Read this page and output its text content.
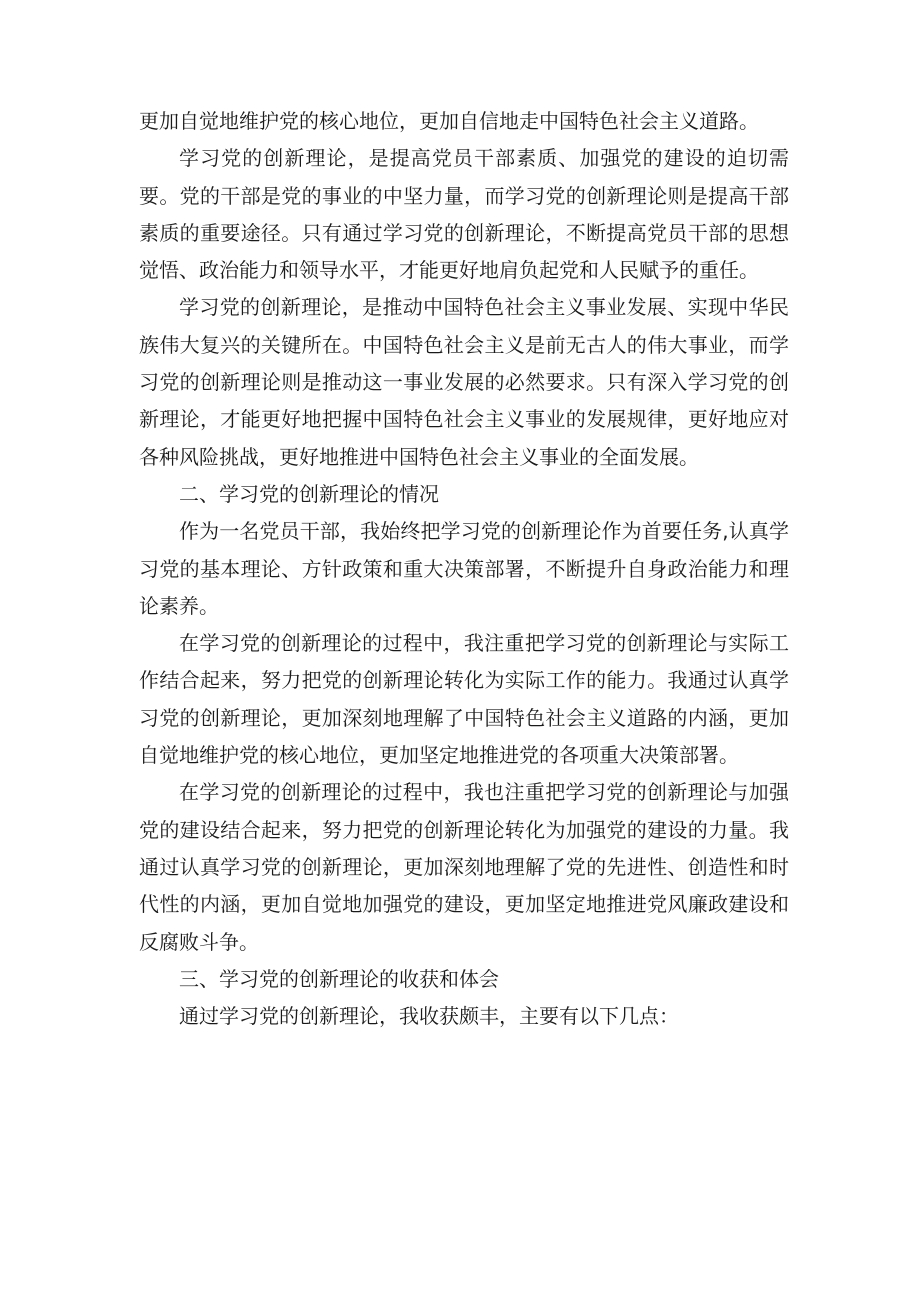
更加自觉地维护党的核心地位，更加自信地走中国特色社会主义道路。

学习党的创新理论，是提高党员干部素质、加强党的建设的迫切需要。党的干部是党的事业的中坚力量，而学习党的创新理论则是提高干部素质的重要途径。只有通过学习党的创新理论，不断提高党员干部的思想觉悟、政治能力和领导水平，才能更好地肩负起党和人民赋予的重任。

学习党的创新理论，是推动中国特色社会主义事业发展、实现中华民族伟大复兴的关键所在。中国特色社会主义是前无古人的伟大事业，而学习党的创新理论则是推动这一事业发展的必然要求。只有深入学习党的创新理论，才能更好地把握中国特色社会主义事业的发展规律，更好地应对各种风险挑战，更好地推进中国特色社会主义事业的全面发展。

二、学习党的创新理论的情况

作为一名党员干部，我始终把学习党的创新理论作为首要任务,认真学习党的基本理论、方针政策和重大决策部署，不断提升自身政治能力和理论素养。

在学习党的创新理论的过程中，我注重把学习党的创新理论与实际工作结合起来，努力把党的创新理论转化为实际工作的能力。我通过认真学习党的创新理论，更加深刻地理解了中国特色社会主义道路的内涵，更加自觉地维护党的核心地位，更加坚定地推进党的各项重大决策部署。

在学习党的创新理论的过程中，我也注重把学习党的创新理论与加强党的建设结合起来，努力把党的创新理论转化为加强党的建设的力量。我通过认真学习党的创新理论，更加深刻地理解了党的先进性、创造性和时代性的内涵，更加自觉地加强党的建设，更加坚定地推进党风廉政建设和反腐败斗争。

三、学习党的创新理论的收获和体会

通过学习党的创新理论，我收获颇丰，主要有以下几点：
